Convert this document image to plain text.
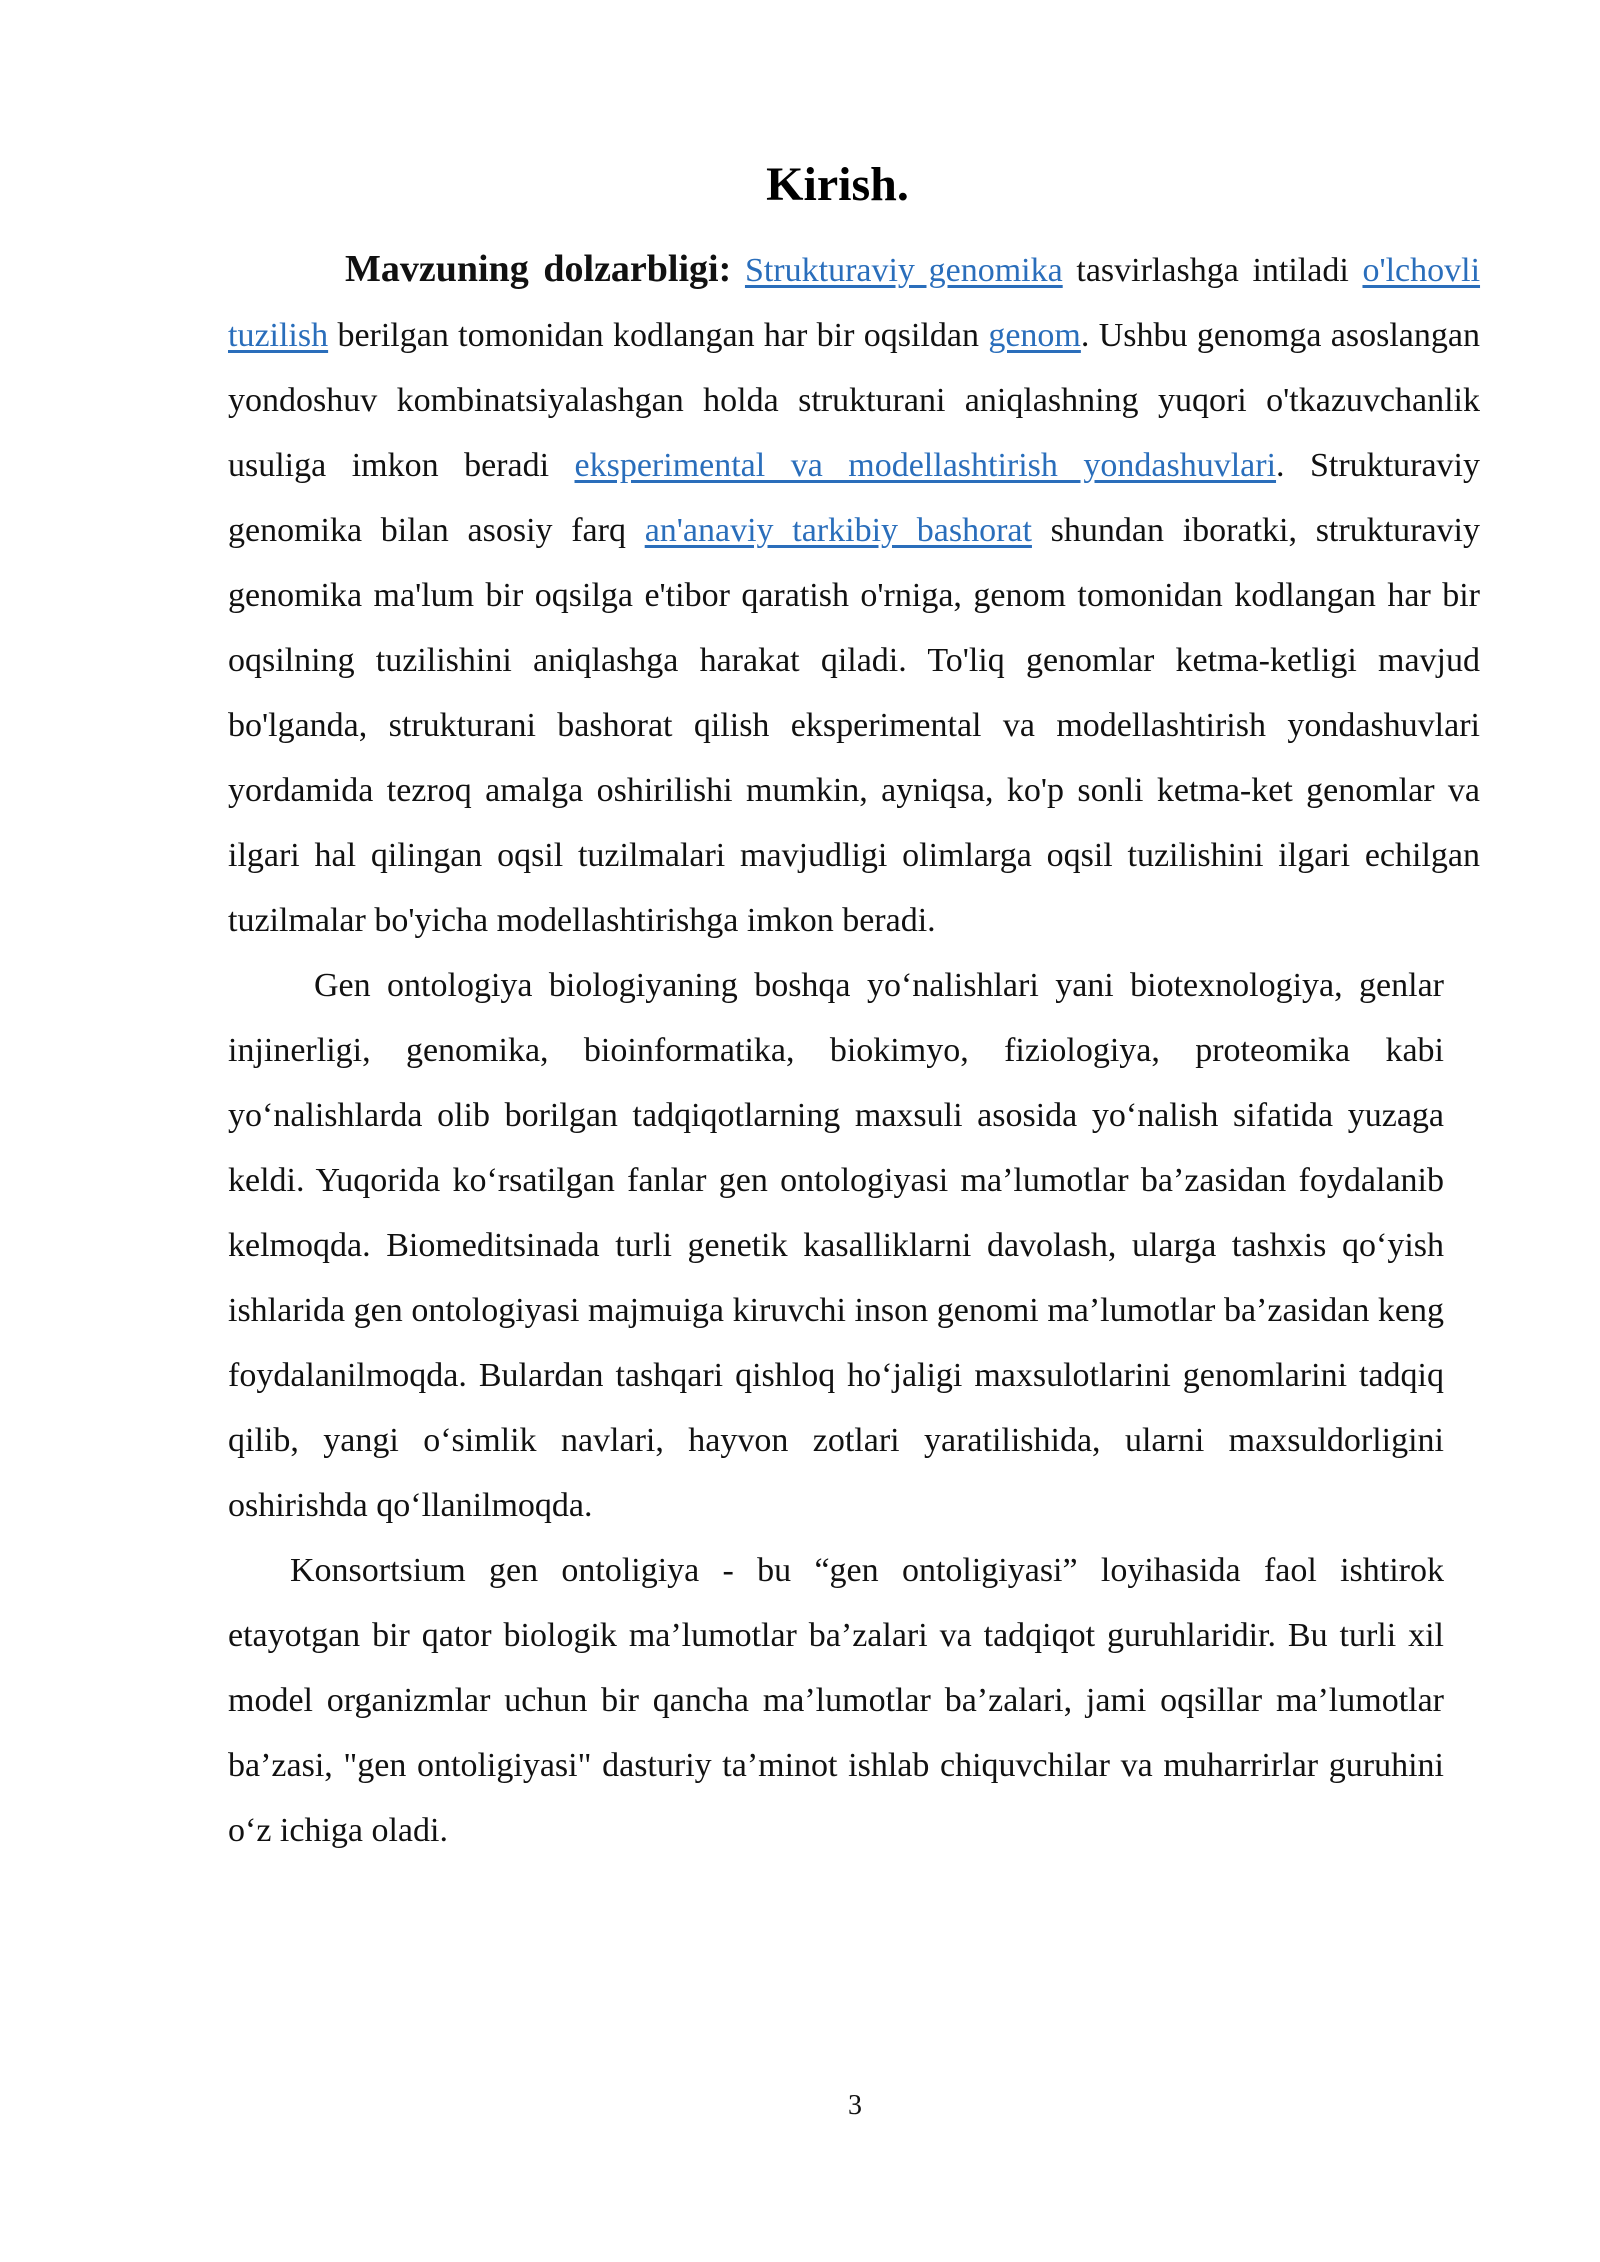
Kirish.

Mavzuning dolzarbligi: Strukturaviy genomika tasvirlashga intiladi o'lchovli tuzilish berilgan tomonidan kodlangan har bir oqsildan genom. Ushbu genomga asoslangan yondoshuv kombinatsiyalashgan holda strukturani aniqlashning yuqori o'tkazuvchanlik usuliga imkon beradi eksperimental va modellashtirish yondashuvlari. Strukturaviy genomika bilan asosiy farq an'anaviy tarkibiy bashorat shundan iboratki, strukturaviy genomika ma'lum bir oqsilga e'tibor qaratish o'rniga, genom tomonidan kodlangan har bir oqsilning tuzilishini aniqlashga harakat qiladi. To'liq genomlar ketma-ketligi mavjud bo'lganda, strukturani bashorat qilish eksperimental va modellashtirish yondashuvlari yordamida tezroq amalga oshirilishi mumkin, ayniqsa, ko'p sonli ketma-ket genomlar va ilgari hal qilingan oqsil tuzilmalari mavjudligi olimlarga oqsil tuzilishini ilgari echilgan tuzilmalar bo'yicha modellashtirishga imkon beradi.

Gen ontologiya biologiyaning boshqa yo‘nalishlari yani biotexnologiya, genlar injinerligi, genomika, bioinformatika, biokimyo, fiziologiya, proteomika kabi yo‘nalishlarda olib borilgan tadqiqotlarning maxsuli asosida yo‘nalish sifatida yuzaga keldi. Yuqorida ko‘rsatilgan fanlar gen ontologiyasi ma’lumotlar ba’zasidan foydalanib kelmoqda. Biomeditsinada turli genetik kasalliklarni davolash, ularga tashxis qo‘yish ishlarida gen ontologiyasi majmuiga kiruvchi inson genomi ma’lumotlar ba’zasidan keng foydalanilmoqda. Bulardan tashqari qishloq ho‘jaligi maxsulotlarini genomlarini tadqiq qilib, yangi o‘simlik navlari, hayvon zotlari yaratilishida, ularni maxsuldorligini oshirishda qo‘llanilmoqda.

Konsortsium gen ontoligiya - bu “gen ontoligiyasi” loyihasida faol ishtirok etayotgan bir qator biologik ma’lumotlar ba’zalari va tadqiqot guruhlaridir. Bu turli xil model organizmlar uchun bir qancha ma’lumotlar ba’zalari, jami oqsillar ma’lumotlar ba’zasi, "gen ontoligiyasi" dasturiy ta’minot ishlab chiquvchilar va muharrirlar guruhini o‘z ichiga oladi.

3
